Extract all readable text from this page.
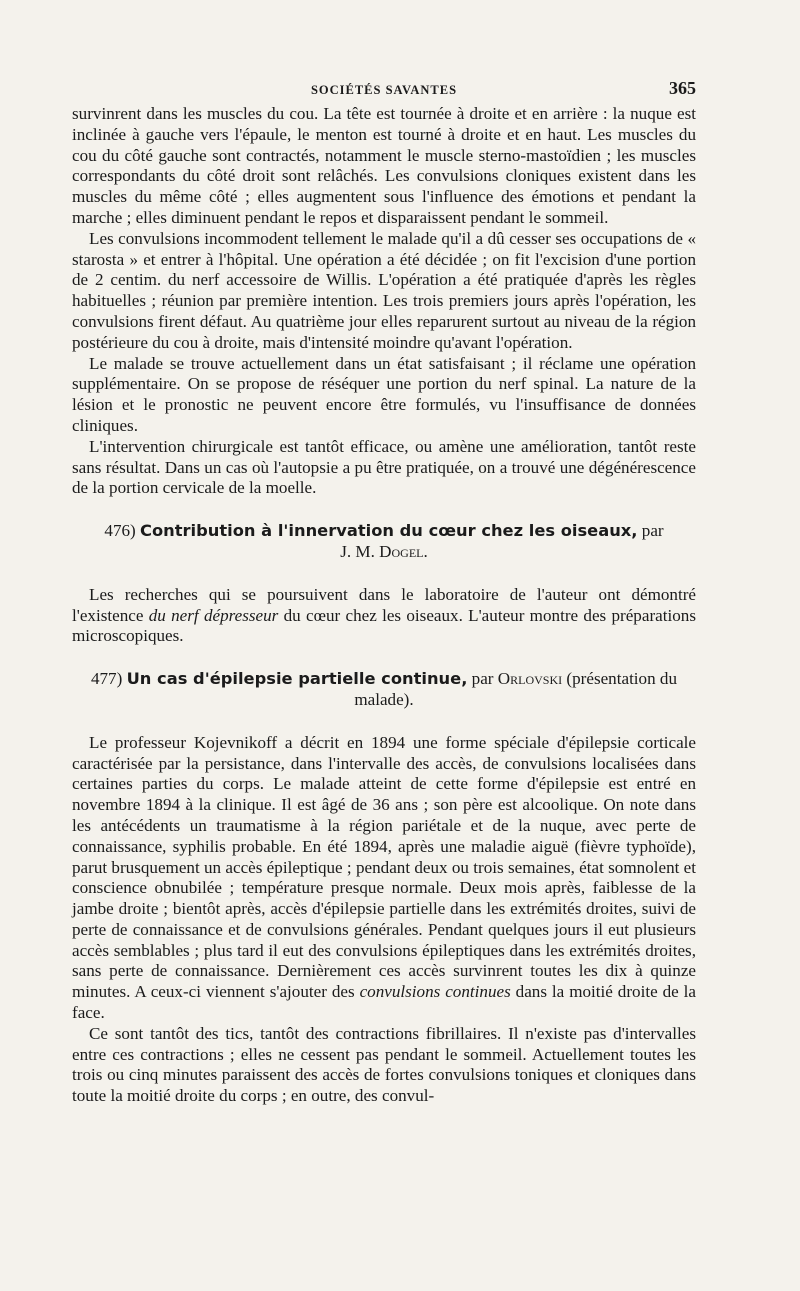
SOCIÉTÉS SAVANTES	365

survinrent dans les muscles du cou. La tête est tournée à droite et en arrière : la nuque est inclinée à gauche vers l'épaule, le menton est tourné à droite et en haut. Les muscles du cou du côté gauche sont contractés, notamment le muscle sterno-mastoïdien ; les muscles correspondants du côté droit sont relâchés. Les convulsions cloniques existent dans les muscles du même côté ; elles augmentent sous l'influence des émotions et pendant la marche ; elles diminuent pendant le repos et disparaissent pendant le sommeil.

Les convulsions incommodent tellement le malade qu'il a dû cesser ses occupations de « starosta » et entrer à l'hôpital. Une opération a été décidée ; on fit l'excision d'une portion de 2 centim. du nerf accessoire de Willis. L'opération a été pratiquée d'après les règles habituelles ; réunion par première intention. Les trois premiers jours après l'opération, les convulsions firent défaut. Au quatrième jour elles reparurent surtout au niveau de la région postérieure du cou à droite, mais d'intensité moindre qu'avant l'opération.

Le malade se trouve actuellement dans un état satisfaisant ; il réclame une opération supplémentaire. On se propose de réséquer une portion du nerf spinal. La nature de la lésion et le pronostic ne peuvent encore être formulés, vu l'insuffisance de données cliniques.

L'intervention chirurgicale est tantôt efficace, ou amène une amélioration, tantôt reste sans résultat. Dans un cas où l'autopsie a pu être pratiquée, on a trouvé une dégénérescence de la portion cervicale de la moelle.

476) Contribution à l'innervation du cœur chez les oiseaux, par
J. M. Dogel.

Les recherches qui se poursuivent dans le laboratoire de l'auteur ont démontré l'existence du nerf dépresseur du cœur chez les oiseaux. L'auteur montre des préparations microscopiques.

477) Un cas d'épilepsie partielle continue, par Orlovski (présentation du malade).

Le professeur Kojevnikoff a décrit en 1894 une forme spéciale d'épilepsie corticale caractérisée par la persistance, dans l'intervalle des accès, de convulsions localisées dans certaines parties du corps. Le malade atteint de cette forme d'épilepsie est entré en novembre 1894 à la clinique. Il est âgé de 36 ans ; son père est alcoolique. On note dans les antécédents un traumatisme à la région pariétale et de la nuque, avec perte de connaissance, syphilis probable. En été 1894, après une maladie aiguë (fièvre typhoïde), parut brusquement un accès épileptique ; pendant deux ou trois semaines, état somnolent et conscience obnubilée ; température presque normale. Deux mois après, faiblesse de la jambe droite ; bientôt après, accès d'épilepsie partielle dans les extrémités droites, suivi de perte de connaissance et de convulsions générales. Pendant quelques jours il eut plusieurs accès semblables ; plus tard il eut des convulsions épileptiques dans les extrémités droites, sans perte de connaissance. Dernièrement ces accès survinrent toutes les dix à quinze minutes. A ceux-ci viennent s'ajouter des convulsions continues dans la moitié droite de la face.

Ce sont tantôt des tics, tantôt des contractions fibrillaires. Il n'existe pas d'intervalles entre ces contractions ; elles ne cessent pas pendant le sommeil. Actuellement toutes les trois ou cinq minutes paraissent des accès de fortes convulsions toniques et cloniques dans toute la moitié droite du corps ; en outre, des convul-
